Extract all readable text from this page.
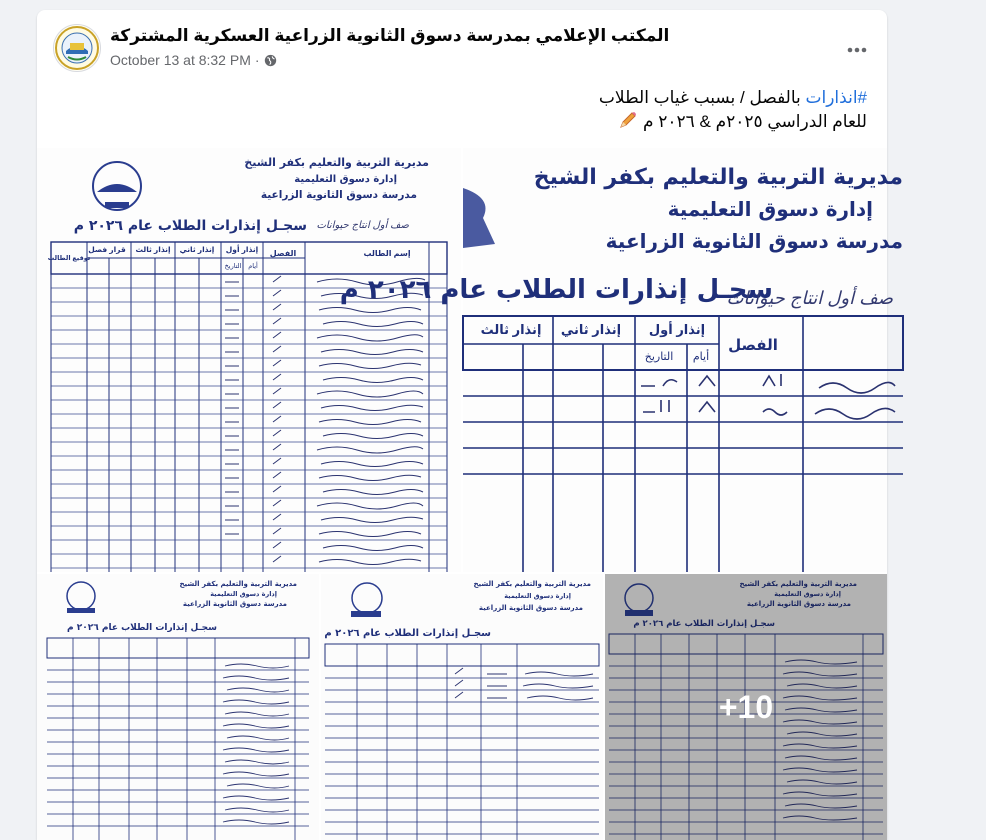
المكتب الإعلامي بمدرسة دسوق الثانوية الزراعية العسكرية المشتركة
October 13 at 8:32 PM ·
#انذارات بالفصل / بسبب غياب الطلاب
للعام الدراسي ٢٠٢٥م & ٢٠٢٦ م
مديرية التربية والتعليم بكفر الشيخ
إدارة دسوق التعليمية
مدرسة دسوق الثانوية الزراعية
سجـل إنذارات الطلاب عام ٢٠٢٦ م صف أول انتاج حيوانات
إسم الطالب
الفصل
إنذار أول
إنذار ثاني
إنذار ثالث
قرار فصل
توقيع الطالب
أيام
التاريخ
مديرية التربية والتعليم بكفر الشيخ
إدارة دسوق التعليمية
مدرسة دسوق الثانوية الزراعية
سجـل إنذارات الطلاب عام ٢٠٢٦ م
صف أول انتاج حيوانات
الفصل
إنذار أول
إنذار ثاني
إنذار ثالث
أيام
التاريخ
مديرية التربية والتعليم بكفر الشيخ
إدارة دسوق التعليمية
مدرسة دسوق الثانوية الزراعية
سجـل إنذارات الطلاب عام ٢٠٢٦ م
مديرية التربية والتعليم بكفر الشيخ
إدارة دسوق التعليمية
مدرسة دسوق الثانوية الزراعية
سجـل إنذارات الطلاب عام ٢٠٢٦ م
مديرية التربية والتعليم بكفر الشيخ
إدارة دسوق التعليمية
مدرسة دسوق الثانوية الزراعية
سجـل إنذارات الطلاب عام ٢٠٢٦ م
+10
